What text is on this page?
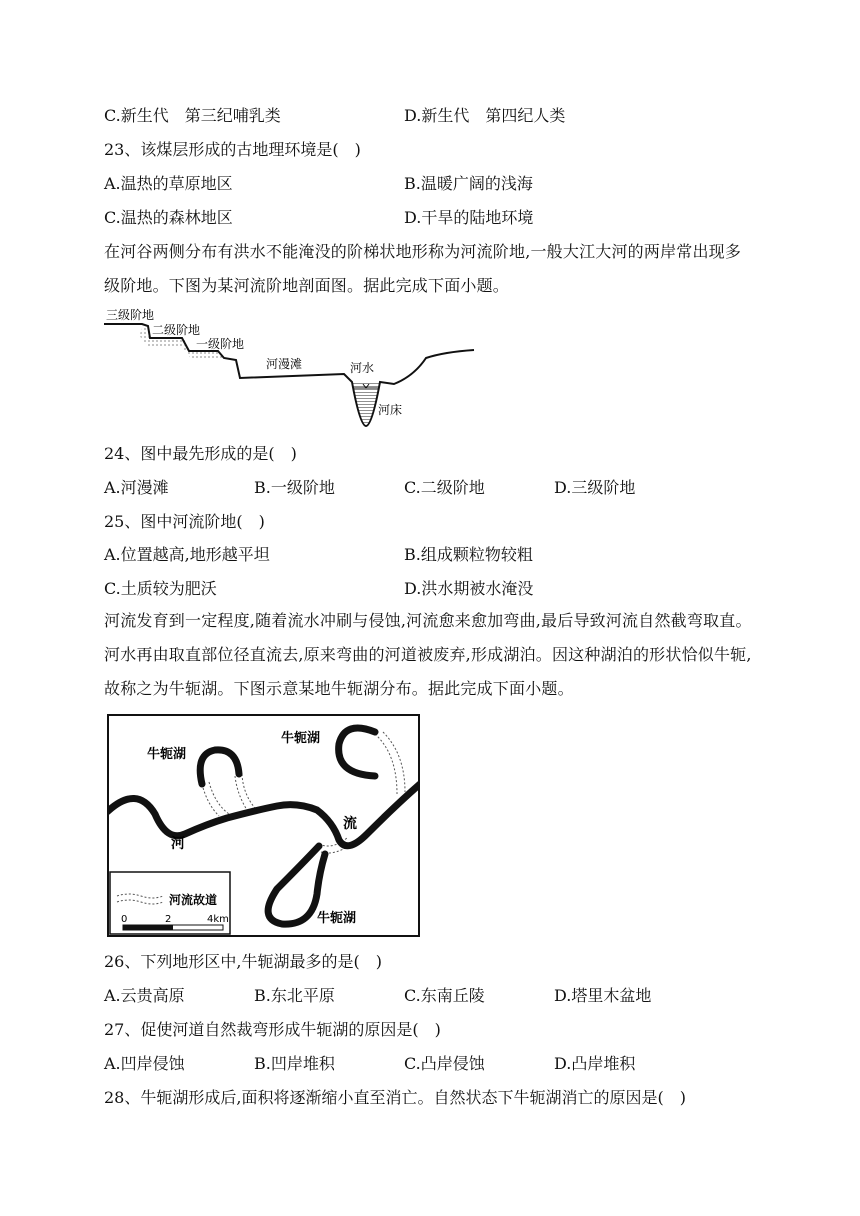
C.新生代　第三纪哺乳类	D.新生代　第四纪人类
23、该煤层形成的古地理环境是(　)
A.温热的草原地区	B.温暖广阔的浅海
C.温热的森林地区	D.干旱的陆地环境
在河谷两侧分布有洪水不能淹没的阶梯状地形称为河流阶地,一般大江大河的两岸常出现多级阶地。下图为某河流阶地剖面图。据此完成下面小题。
三级阶地
二级阶地
一级阶地
河漫滩	河水
河床
24、图中最先形成的是(　)
A.河漫滩	B.一级阶地	C.二级阶地	D.三级阶地
25、图中河流阶地(　)
A.位置越高,地形越平坦	B.组成颗粒物较粗
C.土质较为肥沃	D.洪水期被水淹没
河流发育到一定程度,随着流水冲刷与侵蚀,河流愈来愈加弯曲,最后导致河流自然截弯取直。河水再由取直部位径直流去,原来弯曲的河道被废弃,形成湖泊。因这种湖泊的形状恰似牛轭,故称之为牛轭湖。下图示意某地牛轭湖分布。据此完成下面小题。
牛轭湖
牛轭湖
牛轭湖
河
流
河流故道
0	2	4km
26、下列地形区中,牛轭湖最多的是(　)
A.云贵高原	B.东北平原	C.东南丘陵	D.塔里木盆地
27、促使河道自然裁弯形成牛轭湖的原因是(　)
A.凹岸侵蚀	B.凹岸堆积	C.凸岸侵蚀	D.凸岸堆积
28、牛轭湖形成后,面积将逐渐缩小直至消亡。自然状态下牛轭湖消亡的原因是(　)
